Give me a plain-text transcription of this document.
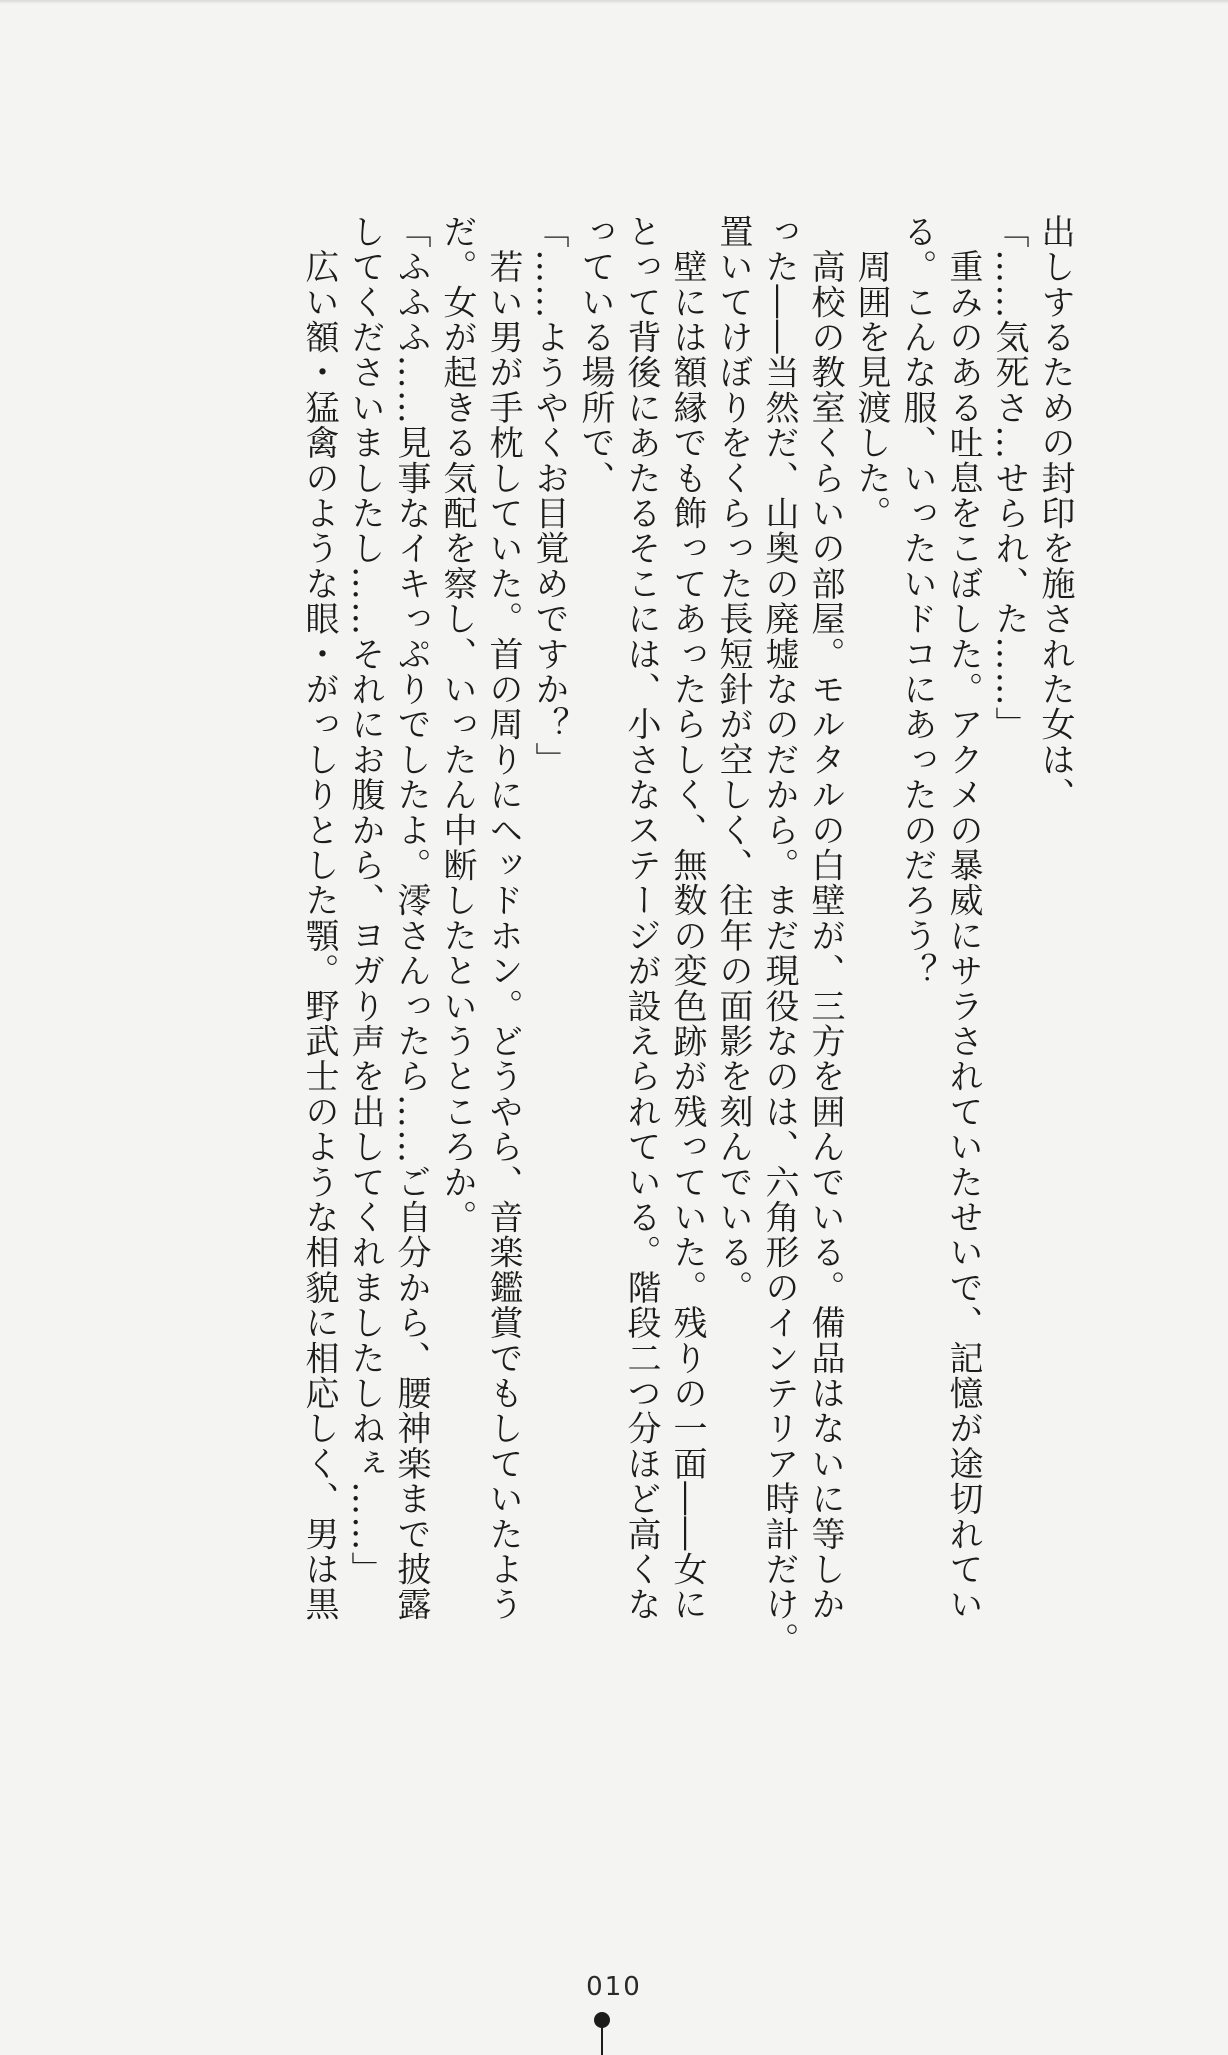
出しするための封印を施された女は、
「……気死さ…せられ、た……」
　重みのある吐息をこぼした。アクメの暴威にサラされていたせいで、記憶が途切れてい
る。こんな服、いったいドコにあったのだろう？
　周囲を見渡した。
　高校の教室くらいの部屋。モルタルの白壁が、三方を囲んでいる。備品はないに等しか
った――当然だ、山奥の廃墟なのだから。まだ現役なのは、六角形のインテリア時計だけ。
置いてけぼりをくらった長短針が空しく、往年の面影を刻んでいる。
　壁には額縁でも飾ってあったらしく、無数の変色跡が残っていた。残りの一面――女に
とって背後にあたるそこには、小さなステージが設えられている。階段二つ分ほど高くな
っている場所で、
「……ようやくお目覚めですか？」
　若い男が手枕していた。首の周りにヘッドホン。どうやら、音楽鑑賞でもしていたよう
だ。女が起きる気配を察し、いったん中断したというところか。
「ふふふ……見事なイキっぷりでしたよ。澪さんったら……ご自分から、腰神楽まで披露
してくださいましたし……それにお腹から、ヨガり声を出してくれましたしねぇ……」
　広い額・猛禽のような眼・がっしりとした顎。野武士のような相貌に相応しく、男は黒
010
